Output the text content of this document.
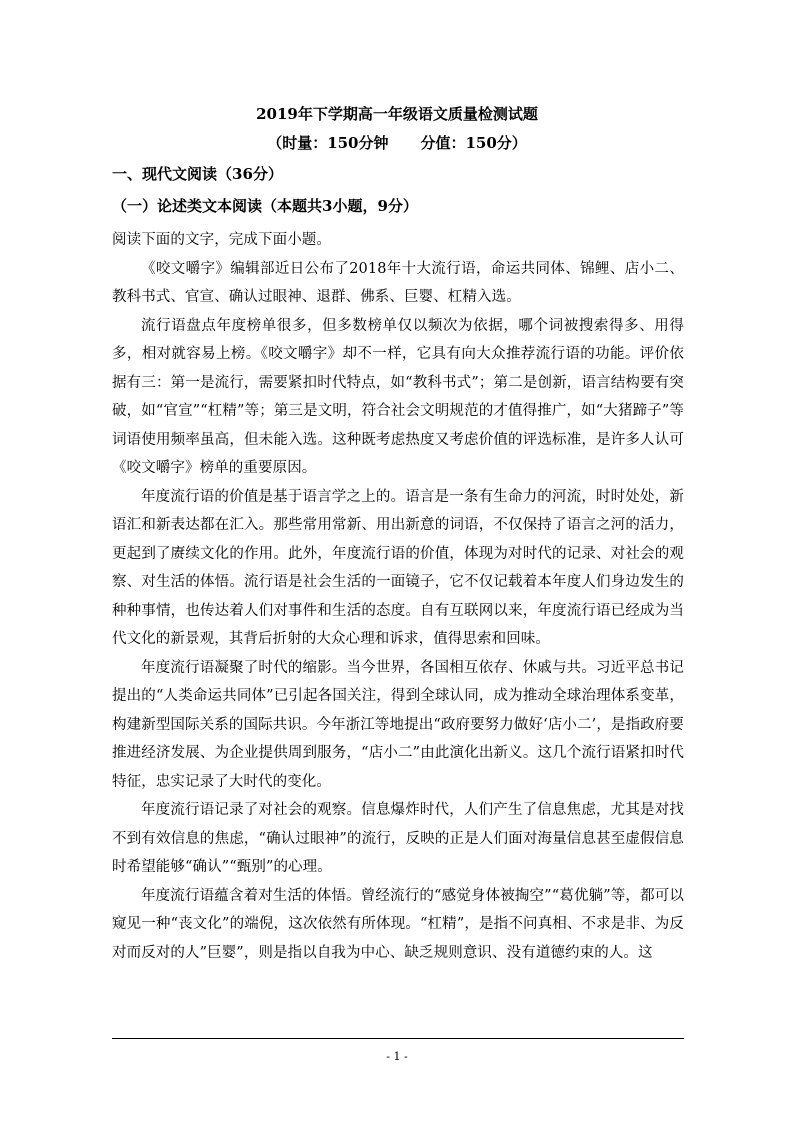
2019年下学期高一年级语文质量检测试题
（时量：150分钟 分值：150分）
一、现代文阅读（36分）
（一）论述类文本阅读（本题共3小题，9分）

阅读下面的文字，完成下面小题。

《咬文嚼字》编辑部近日公布了2018年十大流行语，命运共同体、锦鲤、店小二、教科书式、官宣、确认过眼神、退群、佛系、巨婴、杠精入选。

流行语盘点年度榜单很多，但多数榜单仅以频次为依据，哪个词被搜索得多、用得多，相对就容易上榜。《咬文嚼字》却不一样，它具有向大众推荐流行语的功能。评价依据有三：第一是流行，需要紧扣时代特点，如“教科书式”；第二是创新，语言结构要有突破，如“官宣”“杠精”等；第三是文明，符合社会文明规范的才值得推广，如“大猪蹄子”等词语使用频率虽高，但未能入选。这种既考虑热度又考虑价值的评选标准，是许多人认可《咬文嚼字》榜单的重要原因。

年度流行语的价值是基于语言学之上的。语言是一条有生命力的河流，时时处处，新语汇和新表达都在汇入。那些常用常新、用出新意的词语，不仅保持了语言之河的活力，更起到了赓续文化的作用。此外，年度流行语的价值，体现为对时代的记录、对社会的观察、对生活的体悟。流行语是社会生活的一面镜子，它不仅记载着本年度人们身边发生的种种事情，也传达着人们对事件和生活的态度。自有互联网以来，年度流行语已经成为当代文化的新景观，其背后折射的大众心理和诉求，值得思索和回味。

年度流行语凝聚了时代的缩影。当今世界，各国相互依存、休戚与共。习近平总书记提出的“人类命运共同体”已引起各国关注，得到全球认同，成为推动全球治理体系变革，构建新型国际关系的国际共识。今年浙江等地提出“政府要努力做好‘店小二’，是指政府要推进经济发展、为企业提供周到服务，“店小二”由此演化出新义。这几个流行语紧扣时代特征，忠实记录了大时代的变化。

年度流行语记录了对社会的观察。信息爆炸时代，人们产生了信息焦虑，尤其是对找不到有效信息的焦虑，“确认过眼神”的流行，反映的正是人们面对海量信息甚至虚假信息时希望能够“确认”“甄别”的心理。

年度流行语蕴含着对生活的体悟。曾经流行的“感觉身体被掏空”“葛优躺”等，都可以窥见一种“丧文化”的端倪，这次依然有所体现。“杠精”，是指不问真相、不求是非、为反对而反对的人”巨婴”，则是指以自我为中心、缺乏规则意识、没有道德约束的人。这

- 1 -
